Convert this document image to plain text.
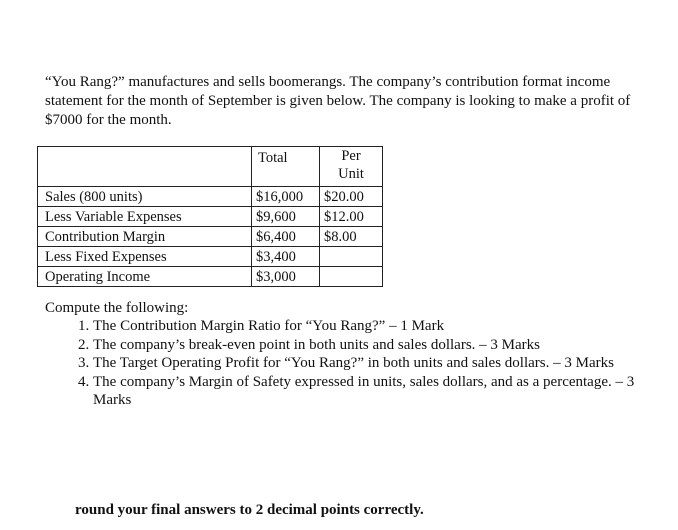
“You Rang?” manufactures and sells boomerangs. The company’s contribution format income statement for the month of September is given below. The company is looking to make a profit of $7000 for the month.

	Total	Per
Unit

Sales (800 units)	$16,000	$20.00
Less Variable Expenses	$9,600	$12.00
Contribution Margin	$6,400	$8.00
Less Fixed Expenses	$3,400	
Operating Income	$3,000	

Compute the following:

1. The Contribution Margin Ratio for “You Rang?” – 1 Mark
2. The company’s break-even point in both units and sales dollars. – 3 Marks
3. The Target Operating Profit for “You Rang?” in both units and sales dollars. – 3 Marks
4. The company’s Margin of Safety expressed in units, sales dollars, and as a percentage. – 3 Marks

round your final answers to 2 decimal points correctly.
